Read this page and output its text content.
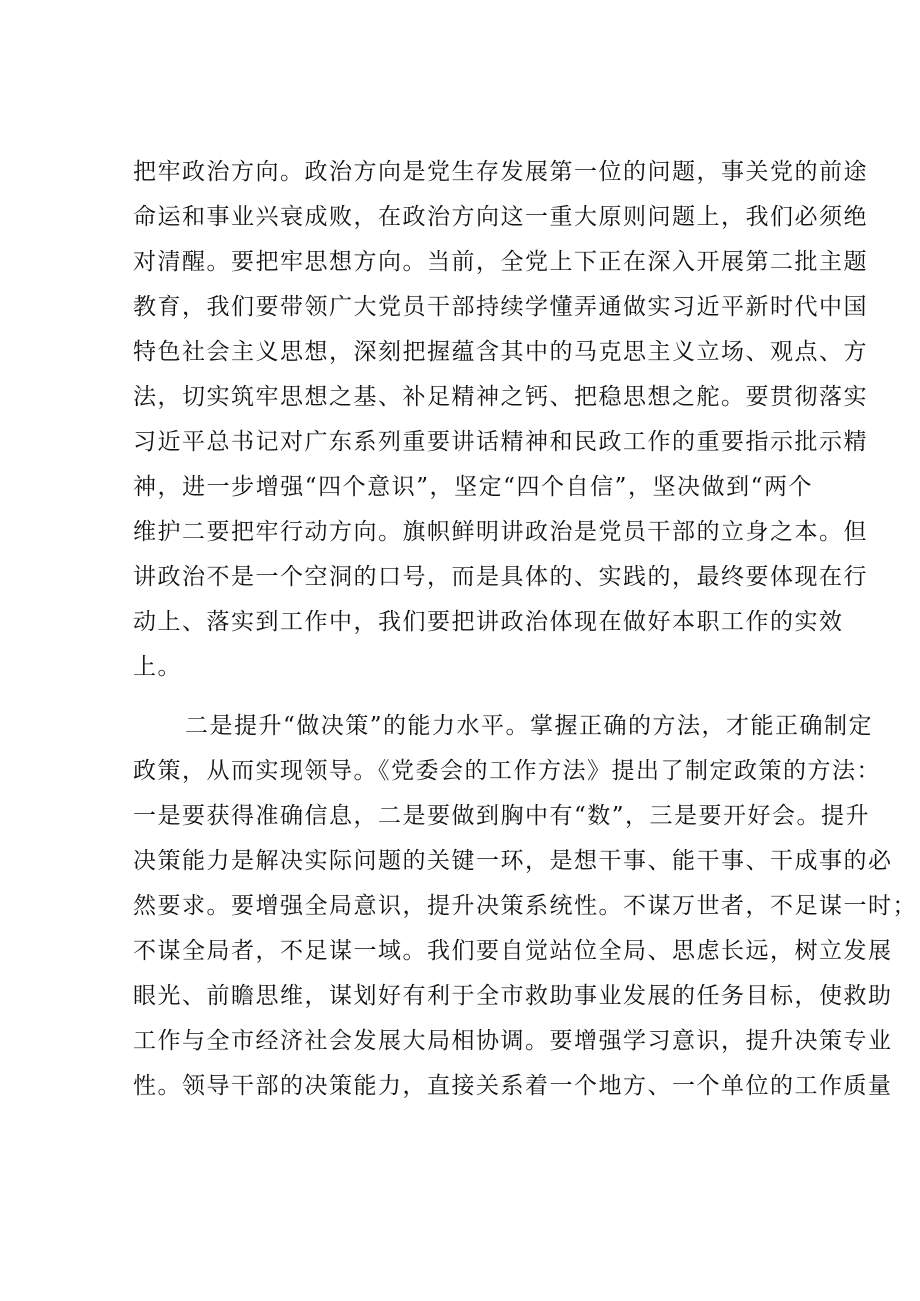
把牢政治方向。政治方向是党生存发展第一位的问题，事关党的前途
命运和事业兴衰成败，在政治方向这一重大原则问题上，我们必须绝
对清醒。要把牢思想方向。当前，全党上下正在深入开展第二批主题
教育，我们要带领广大党员干部持续学懂弄通做实习近平新时代中国
特色社会主义思想，深刻把握蕴含其中的马克思主义立场、观点、方
法，切实筑牢思想之基、补足精神之钙、把稳思想之舵。要贯彻落实
习近平总书记对广东系列重要讲话精神和民政工作的重要指示批示精
神，进一步增强“四个意识”，坚定“四个自信”，坚决做到“两个
维护二要把牢行动方向。旗帜鲜明讲政治是党员干部的立身之本。但
讲政治不是一个空洞的口号，而是具体的、实践的，最终要体现在行
动上、落实到工作中，我们要把讲政治体现在做好本职工作的实效
上。
二是提升“做决策”的能力水平。掌握正确的方法，才能正确制定
政策，从而实现领导。《党委会的工作方法》提出了制定政策的方法：
一是要获得准确信息，二是要做到胸中有“数”，三是要开好会。提升
决策能力是解决实际问题的关键一环，是想干事、能干事、干成事的必
然要求。要增强全局意识，提升决策系统性。不谋万世者，不足谋一时；
不谋全局者，不足谋一域。我们要自觉站位全局、思虑长远，树立发展
眼光、前瞻思维，谋划好有利于全市救助事业发展的任务目标，使救助
工作与全市经济社会发展大局相协调。要增强学习意识，提升决策专业
性。领导干部的决策能力，直接关系着一个地方、一个单位的工作质量
